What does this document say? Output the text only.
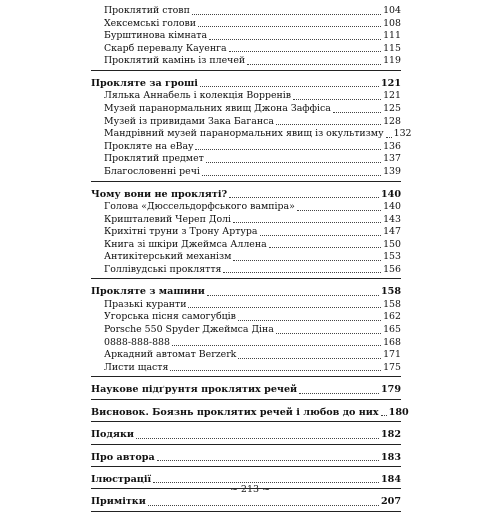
Проклятий стовп	104
Хексемські голови	108
Бурштинова кімната	111
Скарб перевалу Кауенга	115
Проклятий камінь із плечей	119
Прокляте за гроші	121
Лялька Аннабель і колекція Ворренів	121
Музей паранормальних явищ Джона Заффіса	125
Музей із привидами Зака Баганса	128
Мандрівний музей паранормальних явищ із окультизму 132
Прокляте на eBay	136
Проклятий предмет	137
Благословенні речі	139
Чому вони не прокляті?	140
Голова «Дюссельдорфського вампіра»	140
Кришталевий Череп Долі	143
Крихітні труни з Трону Артура	147
Книга зі шкіри Джеймса Аллена	150
Антикітерський механізм	153
Голлівудські прокляття	156
Прокляте з машини	158
Празькі куранти	158
Угорська пісня самогубців	162
Porsche 550 Spyder Джеймса Діна	165
0888-888-888	168
Аркадний автомат Berzerk	171
Листи щастя	175
Наукове підґрунтя проклятих речей	179
Висновок. Боязнь проклятих речей і любов до них 180
Подяки	182
Про автора	183
Ілюстрації	184
Примітки	207
~ 213 ~
